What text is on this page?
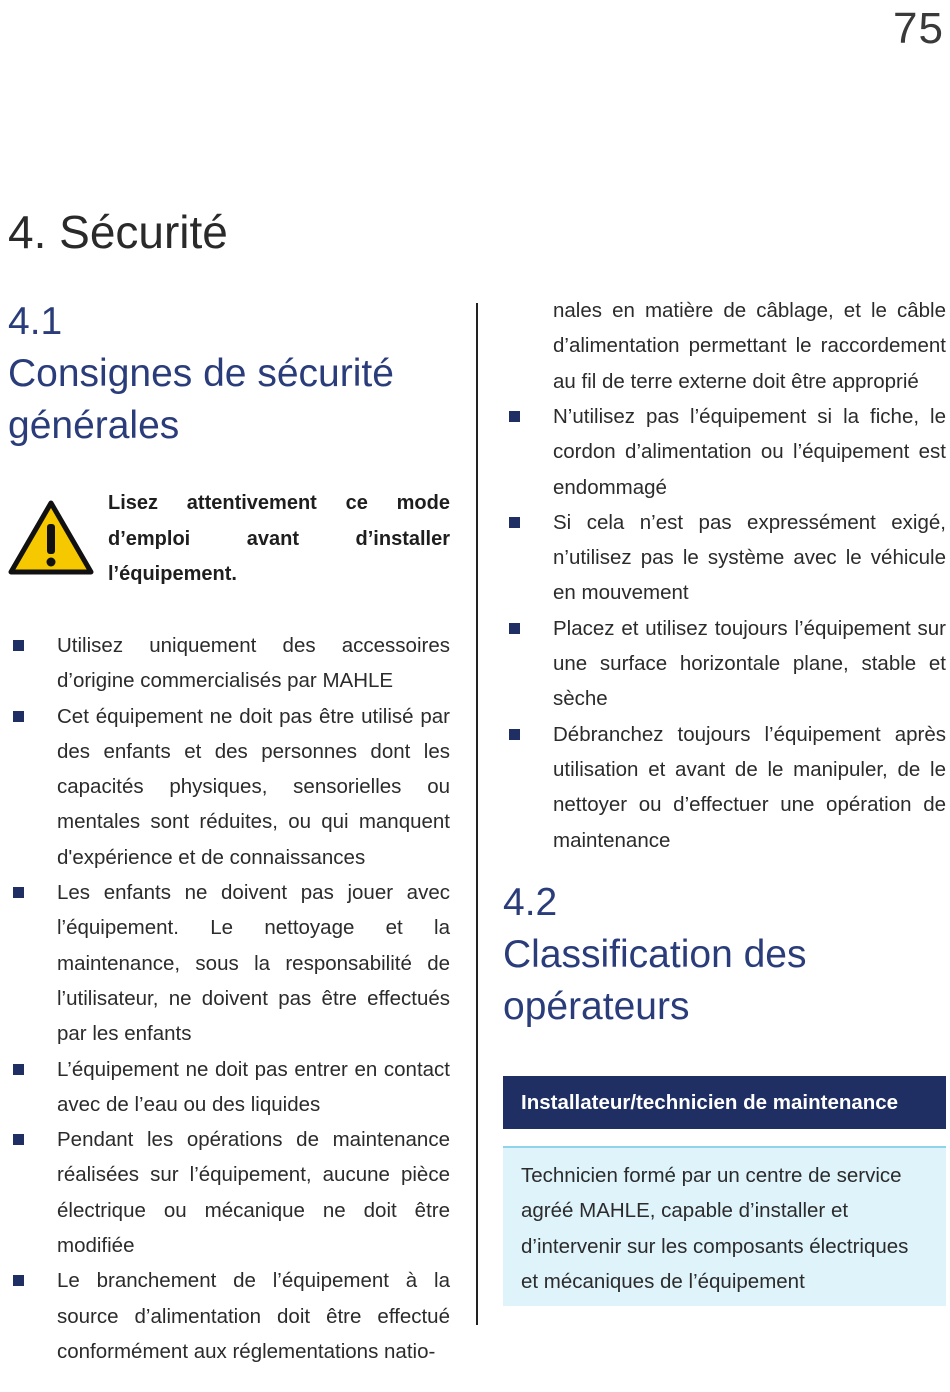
75
4. Sécurité
4.1
Consignes de sécurité
générales
Lisez attentivement ce mode d’emploi avant d’installer l’équipement.
Utilisez uniquement des accessoires d’origine commercialisés par MAHLE
Cet équipement ne doit pas être utilisé par des enfants et des personnes dont les capacités physiques, sensorielles ou mentales sont réduites, ou qui manquent d'expérience et de connaissances
Les enfants ne doivent pas jouer avec l’équipement. Le nettoyage et la maintenance, sous la responsabilité de l’utilisateur, ne doivent pas être effectués par les enfants
L’équipement ne doit pas entrer en contact avec de l’eau ou des liquides
Pendant les opérations de maintenance réalisées sur l’équipement, aucune pièce électrique ou mécanique ne doit être modifiée
Le branchement de l’équipement à la source d’alimentation doit être effectué conformément aux réglementations natio-
nales en matière de câblage, et le câble d’alimentation permettant le raccordement au fil de terre externe doit être approprié
N’utilisez pas l’équipement si la fiche, le cordon d’alimentation ou l’équipement est endommagé
Si cela n’est pas expressément exigé, n’utilisez pas le système avec le véhicule en mouvement
Placez et utilisez toujours l’équipement sur une surface horizontale plane, stable et sèche
Débranchez toujours l’équipement après utilisation et avant de le manipuler, de le nettoyer ou d’effectuer une opération de maintenance
4.2
Classification des
opérateurs
Installateur/technicien de maintenance
Technicien formé par un centre de service agréé MAHLE, capable d’installer et d’intervenir sur les composants électriques et mécaniques de l’équipement
